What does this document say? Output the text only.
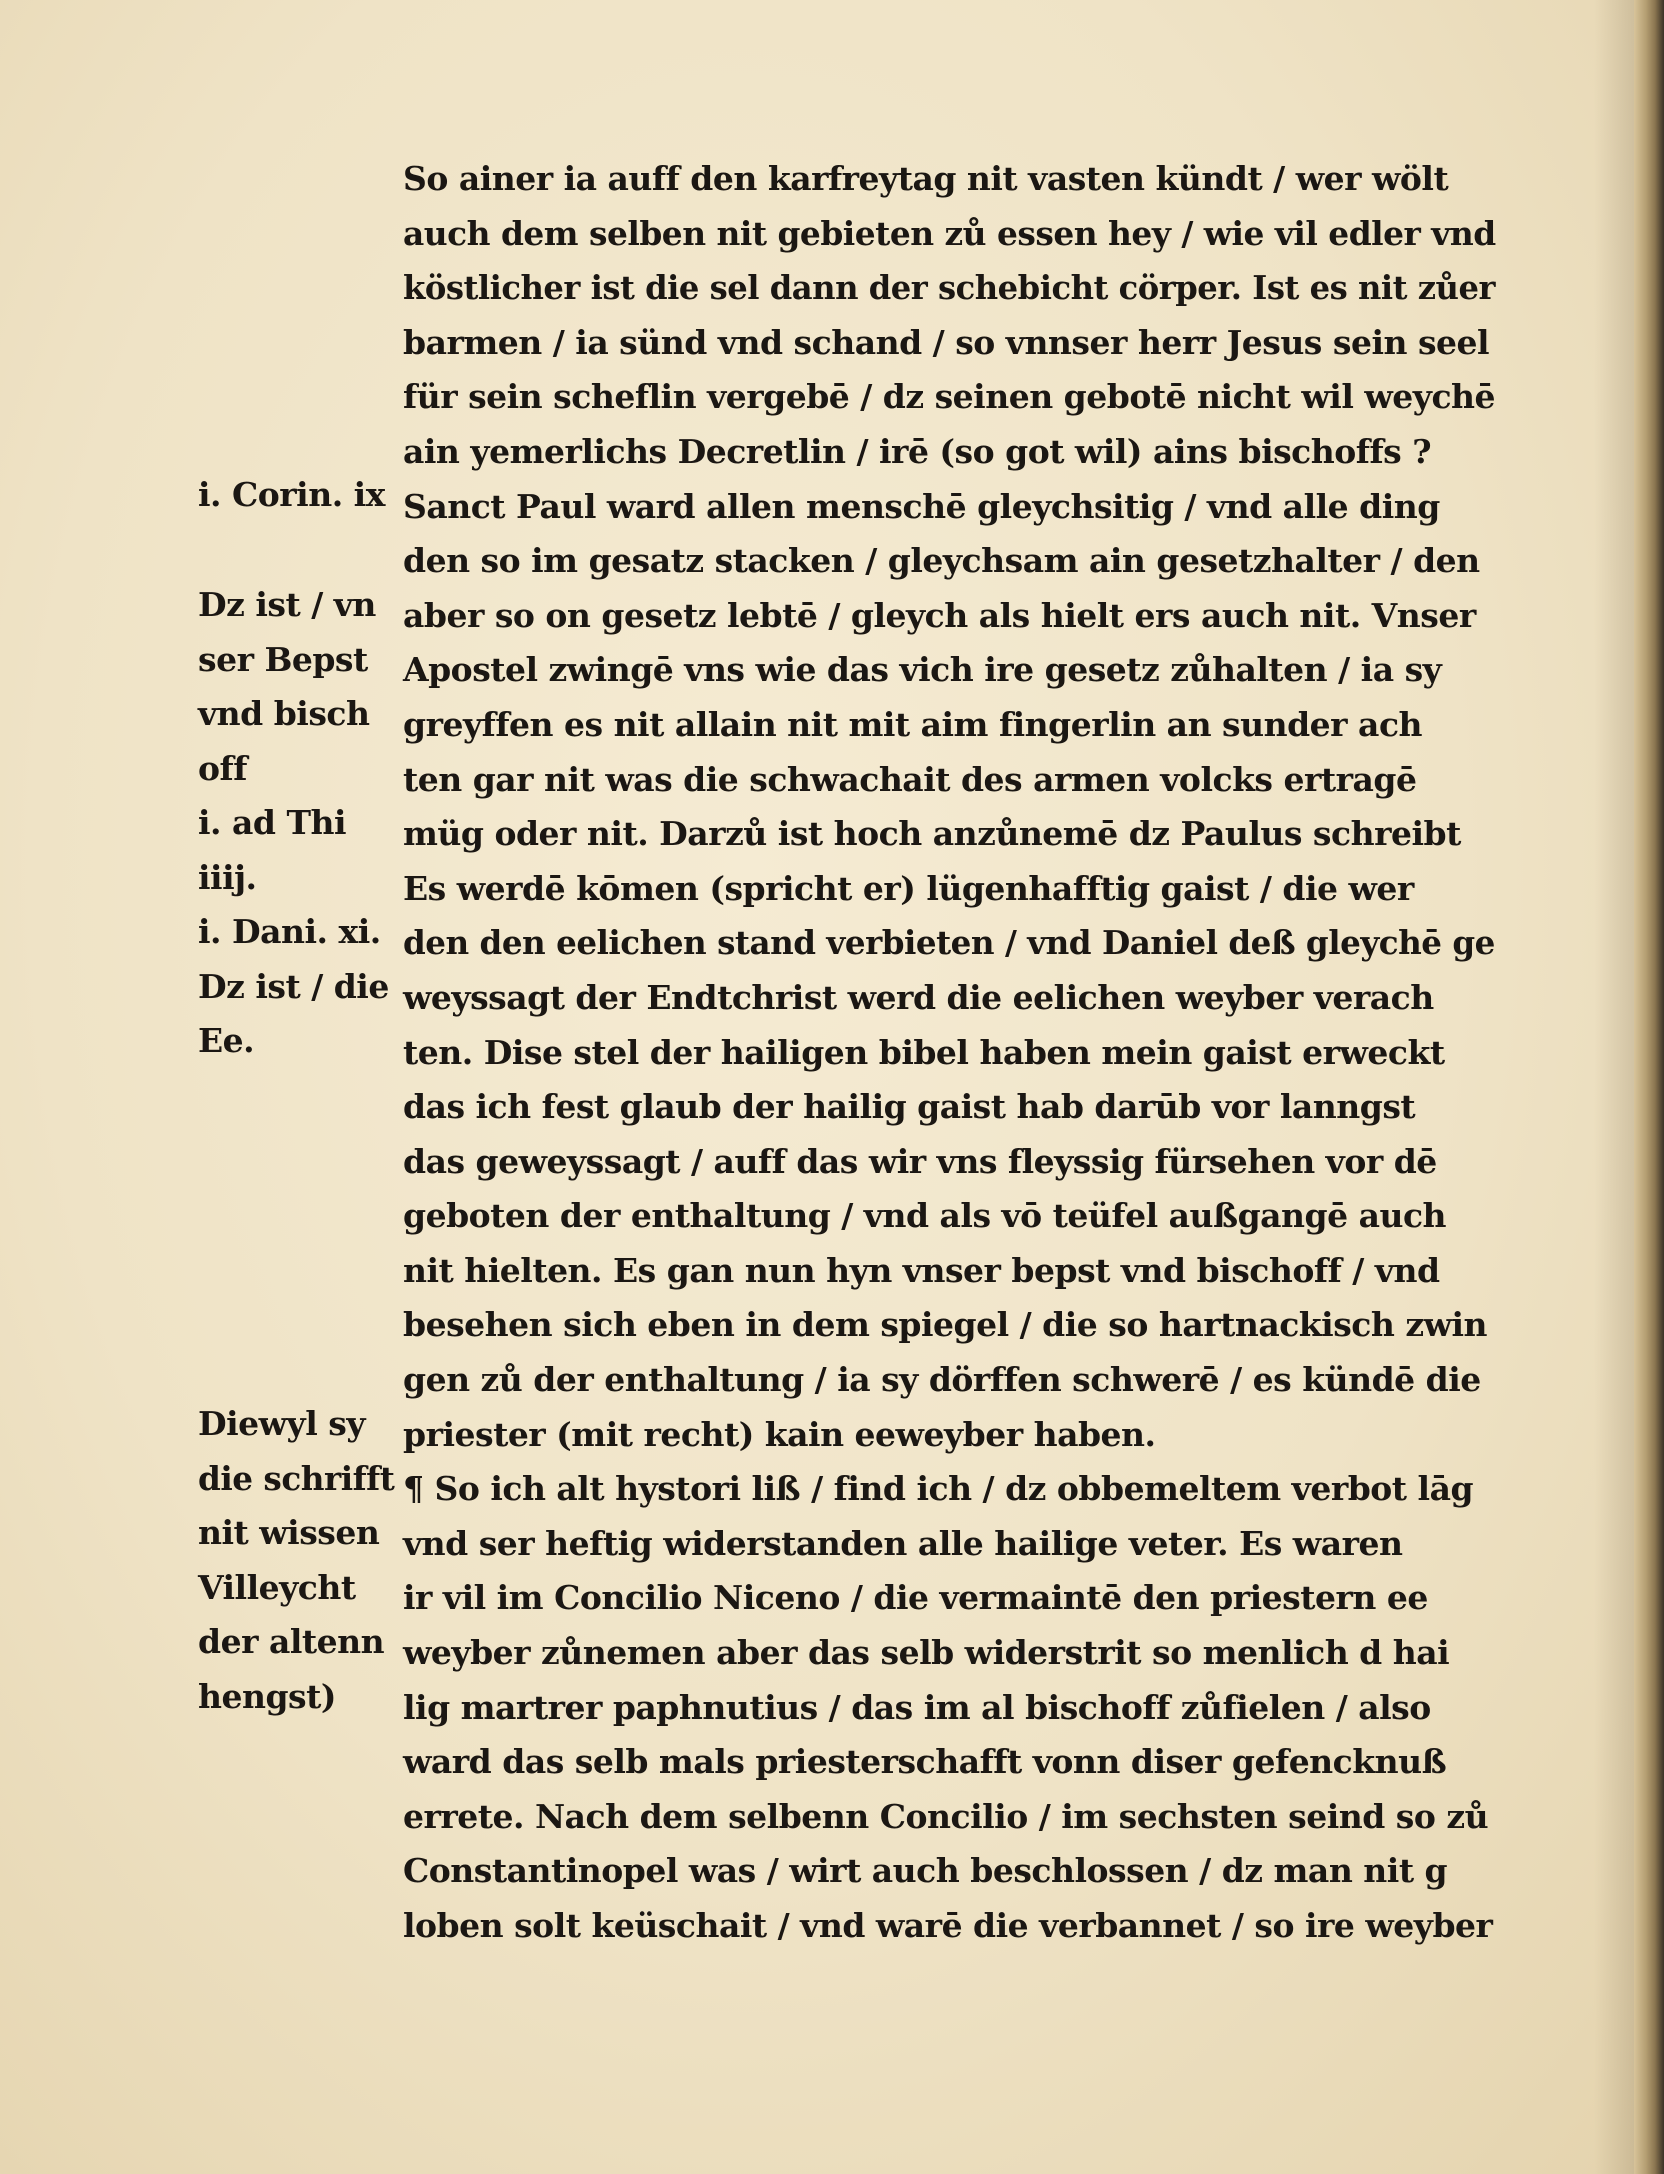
i. Corin. ix
Dz ist / vn
ser Bepst
vnd bisch
off
i. ad Thi
iiij.
i. Dani. xi.
Dz ist / die
Ee.
Diewyl sy
die schrifft
nit wissen
Villeycht
der altenn
hengst)
So ainer ia auff den karfreytag nit vasten kündt / wer wölt
auch dem selben nit gebieten zů essen hey / wie vil edler vnd
köstlicher ist die sel dann der schebicht cörper. Ist es nit zůer
barmen / ia sünd vnd schand / so vnnser herr Jesus sein seel
für sein scheflin vergebē / dz seinen gebotē nicht wil weychē
ain yemerlichs Decretlin / irē (so got wil) ains bischoffs ?
Sanct Paul ward allen menschē gleychsitig / vnd alle ding
den so im gesatz stacken / gleychsam ain gesetzhalter / den
aber so on gesetz lebtē / gleych als hielt ers auch nit. Vnser
Apostel zwingē vns wie das vich ire gesetz zůhalten / ia sy
greyffen es nit allain nit mit aim fingerlin an sunder ach
ten gar nit was die schwachait des armen volcks ertragē
müg oder nit. Darzů ist hoch anzůnemē dz Paulus schreibt
Es werdē kōmen (spricht er) lügenhafftig gaist / die wer
den den eelichen stand verbieten / vnd Daniel deß gleychē ge
weyssagt der Endtchrist werd die eelichen weyber verach
ten. Dise stel der hailigen bibel haben mein gaist erweckt
das ich fest glaub der hailig gaist hab darūb vor lanngst
das geweyssagt / auff das wir vns fleyssig fürsehen vor dē
geboten der enthaltung / vnd als vō teüfel außgangē auch
nit hielten. Es gan nun hyn vnser bepst vnd bischoff / vnd
besehen sich eben in dem spiegel / die so hartnackisch zwin
gen zů der enthaltung / ia sy dörffen schwerē / es kündē die
priester (mit recht) kain eeweyber haben.
¶ So ich alt hystori liß / find ich / dz obbemeltem verbot lāg
vnd ser heftig widerstanden alle hailige veter. Es waren
ir vil im Concilio Niceno / die vermaintē den priestern ee
weyber zůnemen aber das selb widerstrit so menlich d hai
lig martrer paphnutius / das im al bischoff zůfielen / also
ward das selb mals priesterschafft vonn diser gefencknuß
errete. Nach dem selbenn Concilio / im sechsten seind so zů
Constantinopel was / wirt auch beschlossen / dz man nit g
loben solt keüschait / vnd warē die verbannet / so ire weyber
